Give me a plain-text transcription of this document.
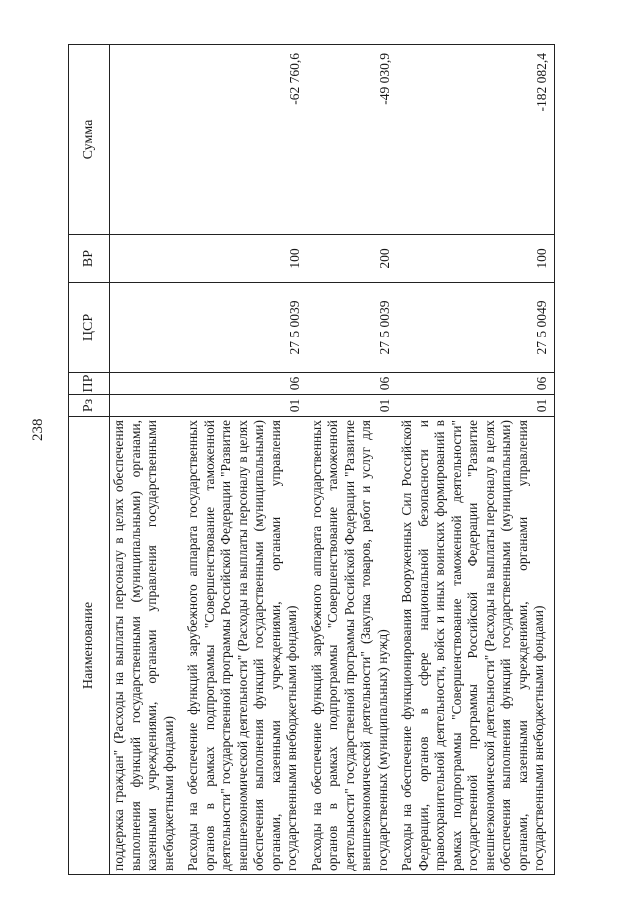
238
Наименование	Рз	ПР	ЦСР	ВР	Сумма
поддержка граждан" (Расходы на выплаты персоналу в целях обеспечения выполнения функций государственными (муниципальными) органами, казенными учреждениями, органами управления государственными внебюджетными фондами)					
Расходы на обеспечение функций зарубежного аппарата государственных органов в рамках подпрограммы "Совершенствование таможенной деятельности" государственной программы Российской Федерации "Развитие внешнеэкономической деятельности" (Расходы на выплаты персоналу в целях обеспечения выполнения функций государственными (муниципальными) органами, казенными учреждениями, органами управления государственными внебюджетными фондами)	01	06	27 5 0039	100	-62 760,6
Расходы на обеспечение функций зарубежного аппарата государственных органов в рамках подпрограммы "Совершенствование таможенной деятельности" государственной программы Российской Федерации "Развитие внешнеэкономической деятельности" (Закупка товаров, работ и услуг для государственных (муниципальных) нужд)	01	06	27 5 0039	200	-49 030,9
Расходы на обеспечение функционирования Вооруженных Сил Российской Федерации, органов в сфере национальной безопасности и правоохранительной деятельности, войск и иных воинских формирований в рамках подпрограммы "Совершенствование таможенной деятельности" государственной программы Российской Федерации "Развитие внешнеэкономической деятельности" (Расходы на выплаты персоналу в целях обеспечения выполнения функций государственными (муниципальными) органами, казенными учреждениями, органами управления государственными внебюджетными фондами)	01	06	27 5 0049	100	-182 082,4
